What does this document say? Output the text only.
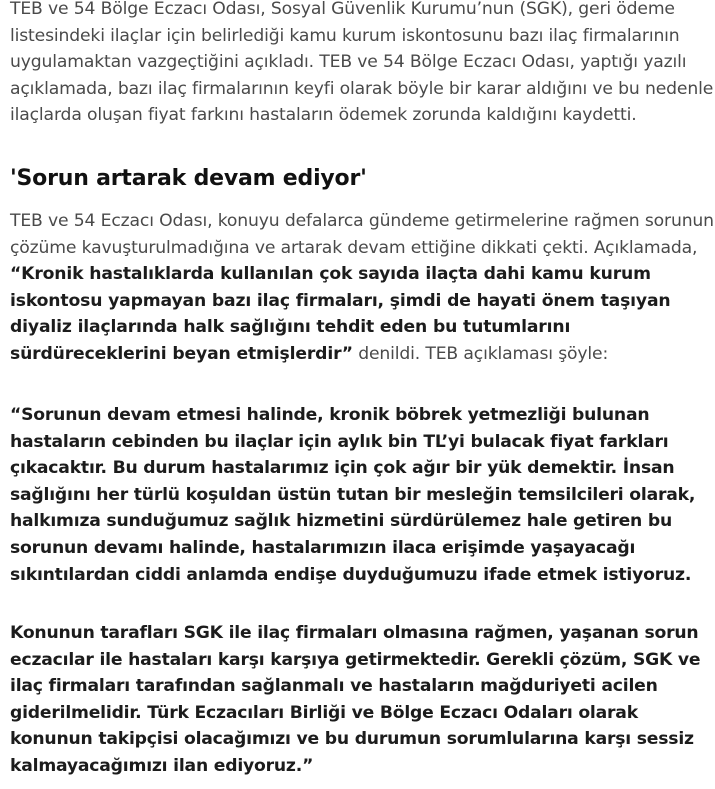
TEB ve 54 Bölge Eczacı Odası, Sosyal Güvenlik Kurumu’nun (SGK), geri ödeme listesindeki ilaçlar için belirlediği kamu kurum iskontosunu bazı ilaç firmalarının uygulamaktan vazgeçtiğini açıkladı. TEB ve 54 Bölge Eczacı Odası, yaptığı yazılı açıklamada, bazı ilaç firmalarının keyfi olarak böyle bir karar aldığını ve bu nedenle ilaçlarda oluşan fiyat farkını hastaların ödemek zorunda kaldığını kaydetti.

'Sorun artarak devam ediyor'

TEB ve 54 Eczacı Odası, konuyu defalarca gündeme getirmelerine rağmen sorunun çözüme kavuşturulmadığına ve artarak devam ettiğine dikkati çekti. Açıklamada, “Kronik hastalıklarda kullanılan çok sayıda ilaçta dahi kamu kurum iskontosu yapmayan bazı ilaç firmaları, şimdi de hayati önem taşıyan diyaliz ilaçlarında halk sağlığını tehdit eden bu tutumlarını sürdüreceklerini beyan etmişlerdir” denildi. TEB açıklaması şöyle:

“Sorunun devam etmesi halinde, kronik böbrek yetmezliği bulunan hastaların cebinden bu ilaçlar için aylık bin TL’yi bulacak fiyat farkları çıkacaktır. Bu durum hastalarımız için çok ağır bir yük demektir. İnsan sağlığını her türlü koşuldan üstün tutan bir mesleğin temsilcileri olarak, halkımıza sunduğumuz sağlık hizmetini sürdürülemez hale getiren bu sorunun devamı halinde, hastalarımızın ilaca erişimde yaşayacağı sıkıntılardan ciddi anlamda endişe duyduğumuzu ifade etmek istiyoruz.

Konunun tarafları SGK ile ilaç firmaları olmasına rağmen, yaşanan sorun eczacılar ile hastaları karşı karşıya getirmektedir. Gerekli çözüm, SGK ve ilaç firmaları tarafından sağlanmalı ve hastaların mağduriyeti acilen giderilmelidir. Türk Eczacıları Birliği ve Bölge Eczacı Odaları olarak konunun takipçisi olacağımızı ve bu durumun sorumlularına karşı sessiz kalmayacağımızı ilan ediyoruz.”
